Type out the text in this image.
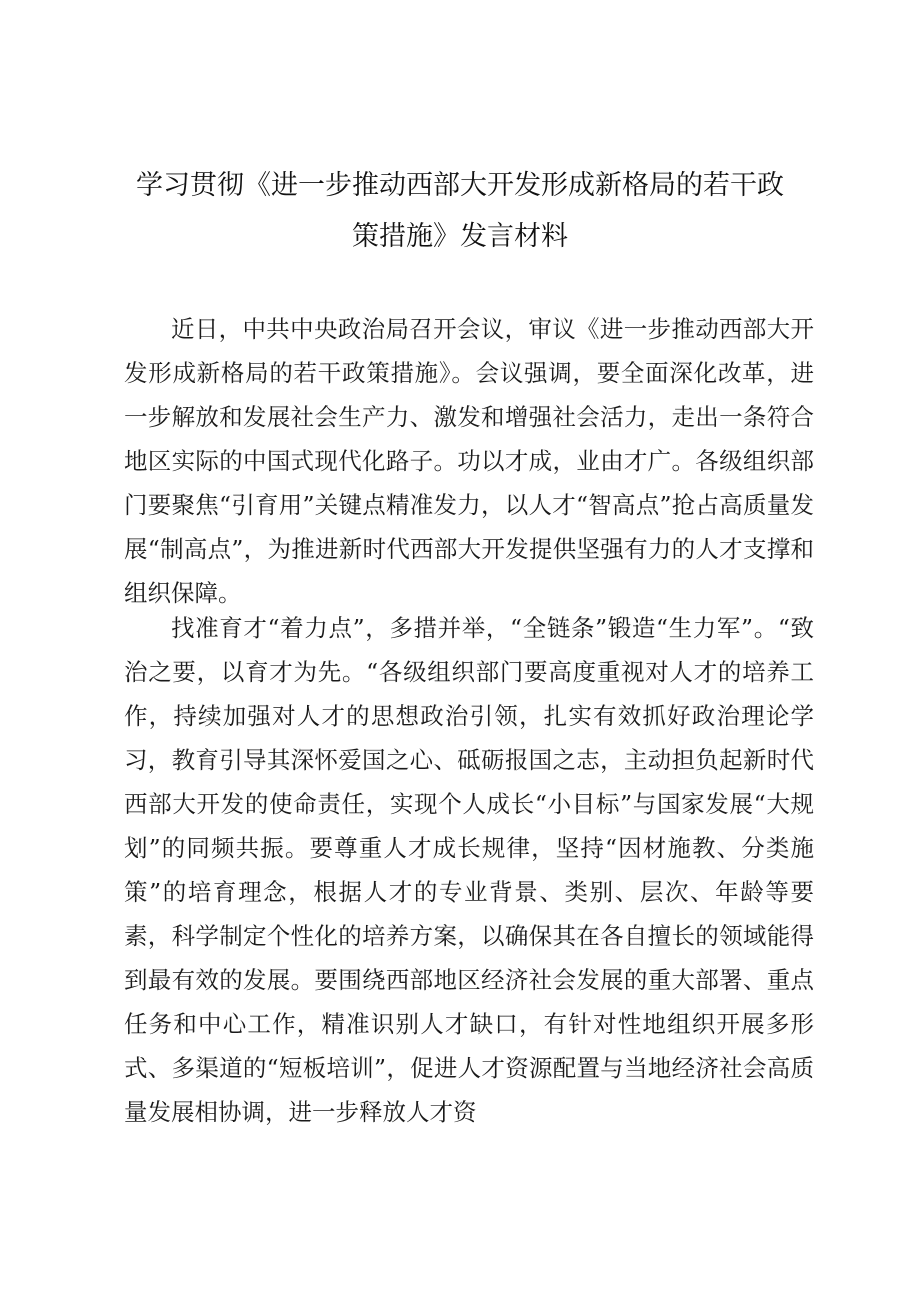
学习贯彻《进一步推动西部大开发形成新格局的若干政
策措施》发言材料

近日，中共中央政治局召开会议，审议《进一步推动西部大开发形成新格局的若干政策措施》。会议强调，要全面深化改革，进一步解放和发展社会生产力、激发和增强社会活力，走出一条符合地区实际的中国式现代化路子。功以才成，业由才广。各级组织部门要聚焦“引育用”关键点精准发力，以人才“智高点”抢占高质量发展“制高点”，为推进新时代西部大开发提供坚强有力的人才支撑和组织保障。

找准育才“着力点”，多措并举，“全链条”锻造“生力军”。“致治之要，以育才为先。“各级组织部门要高度重视对人才的培养工作，持续加强对人才的思想政治引领，扎实有效抓好政治理论学习，教育引导其深怀爱国之心、砥砺报国之志，主动担负起新时代西部大开发的使命责任，实现个人成长“小目标”与国家发展“大规划”的同频共振。要尊重人才成长规律，坚持“因材施教、分类施策”的培育理念，根据人才的专业背景、类别、层次、年龄等要素，科学制定个性化的培养方案，以确保其在各自擅长的领域能得到最有效的发展。要围绕西部地区经济社会发展的重大部署、重点任务和中心工作，精准识别人才缺口，有针对性地组织开展多形式、多渠道的“短板培训”，促进人才资源配置与当地经济社会高质量发展相协调，进一步释放人才资
